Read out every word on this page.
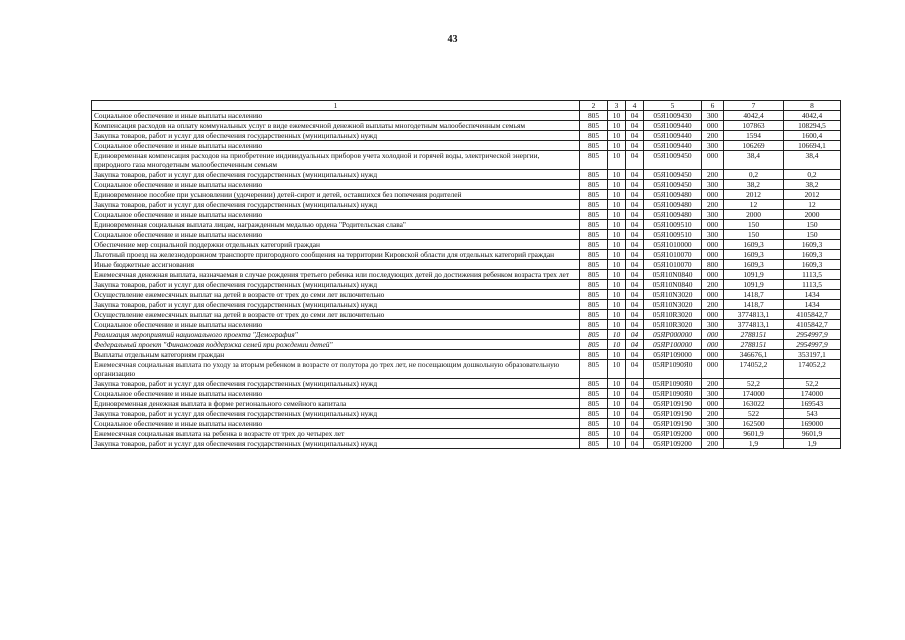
43
1	2	3	4	5	6	7	8
Социальное обеспечение и иные выплаты населению	805	10	04	05Я1009430	300	4042,4	4042,4
Компенсация расходов на оплату коммунальных услуг в виде ежемесячной денежной выплаты многодетным малообеспеченным семьям	805	10	04	05Я1009440	000	107863	108294,5
Закупка товаров, работ и услуг для обеспечения государственных (муниципальных) нужд	805	10	04	05Я1009440	200	1594	1600,4
Социальное обеспечение и иные выплаты населению	805	10	04	05Я1009440	300	106269	106694,1
Единовременная компенсация расходов на приобретение индивидуальных приборов учета холодной и горячей воды, электрической энергии, природного газа многодетным малообеспеченным семьям	805	10	04	05Я1009450	000	38,4	38,4
Закупка товаров, работ и услуг для обеспечения государственных (муниципальных) нужд	805	10	04	05Я1009450	200	0,2	0,2
Социальное обеспечение и иные выплаты населению	805	10	04	05Я1009450	300	38,2	38,2
Единовременное пособие при усыновлении (удочерении) детей-сирот и детей, оставшихся без попечения родителей	805	10	04	05Я1009480	000	2012	2012
Закупка товаров, работ и услуг для обеспечения государственных (муниципальных) нужд	805	10	04	05Я1009480	200	12	12
Социальное обеспечение и иные выплаты населению	805	10	04	05Я1009480	300	2000	2000
Единовременная социальная выплата лицам, награжденным медалью ордена "Родительская слава"	805	10	04	05Я1009510	000	150	150
Социальное обеспечение и иные выплаты населению	805	10	04	05Я1009510	300	150	150
Обеспечение мер социальной поддержки отдельных категорий граждан	805	10	04	05Я1010000	000	1609,3	1609,3
Льготный проезд на железнодорожном транспорте пригородного сообщения на территории Кировской области для отдельных категорий граждан	805	10	04	05Я1010070	000	1609,3	1609,3
Иные бюджетные ассигнования	805	10	04	05Я1010070	800	1609,3	1609,3
Ежемесячная денежная выплата, назначаемая в случае рождения третьего ребенка или последующих детей до достижения ребенком возраста трех лет	805	10	04	05Я10N0840	000	1091,9	1113,5
Закупка товаров, работ и услуг для обеспечения государственных (муниципальных) нужд	805	10	04	05Я10N0840	200	1091,9	1113,5
Осуществление ежемесячных выплат на детей в возрасте от трех до семи лет включительно	805	10	04	05Я10N3020	000	1418,7	1434
Закупка товаров, работ и услуг для обеспечения государственных (муниципальных) нужд	805	10	04	05Я10N3020	200	1418,7	1434
Осуществление ежемесячных выплат на детей в возрасте от трех до семи лет включительно	805	10	04	05Я10R3020	000	3774813,1	4105842,7
Социальное обеспечение и иные выплаты населению	805	10	04	05Я10R3020	300	3774813,1	4105842,7
Реализация мероприятий национального проекта "Демография"	805	10	04	05ЯP000000	000	2788151	2954997,9
Федеральный проект "Финансовая поддержка семей при рождении детей"	805	10	04	05ЯP100000	000	2788151	2954997,9
Выплаты отдельным категориям граждан	805	10	04	05ЯP109000	000	346676,1	353197,1
Ежемесячная социальная выплата по уходу за вторым ребенком в возрасте от полутора до трех лет, не посещающим дошкольную образовательную организацию	805	10	04	05ЯP1090Я0	000	174052,2	174052,2
Закупка товаров, работ и услуг для обеспечения государственных (муниципальных) нужд	805	10	04	05ЯP1090Я0	200	52,2	52,2
Социальное обеспечение и иные выплаты населению	805	10	04	05ЯP1090Я0	300	174000	174000
Единовременная денежная выплата в форме регионального семейного капитала	805	10	04	05ЯP109190	000	163022	169543
Закупка товаров, работ и услуг для обеспечения государственных (муниципальных) нужд	805	10	04	05ЯP109190	200	522	543
Социальное обеспечение и иные выплаты населению	805	10	04	05ЯP109190	300	162500	169000
Ежемесячная социальная выплата на ребенка в возрасте от трех до четырех лет	805	10	04	05ЯP109200	000	9601,9	9601,9
Закупка товаров, работ и услуг для обеспечения государственных (муниципальных) нужд	805	10	04	05ЯP109200	200	1,9	1,9
